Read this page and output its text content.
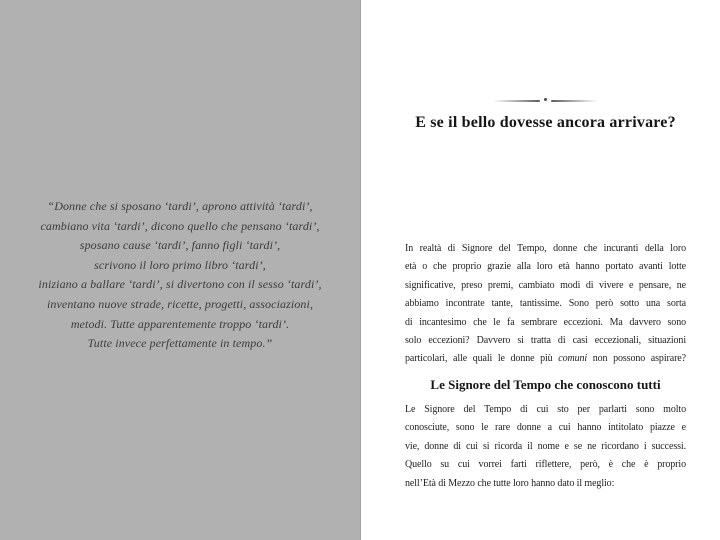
“Donne che si sposano ‘tardi’, aprono attività ‘tardi’,
cambiano vita ‘tardi’, dicono quello che pensano ‘tardi’,
sposano cause ‘tardi’, fanno figli ‘tardi’,
scrivono il loro primo libro ‘tardi’,
iniziano a ballare ‘tardi’, si divertono con il sesso ‘tardi’,
inventano nuove strade, ricette, progetti, associazioni,
metodi. Tutte apparentemente troppo ‘tardi’.
Tutte invece perfettamente in tempo.”
E se il bello dovesse ancora arrivare?
In realtà di Signore del Tempo, donne che incuranti della loro
età o che proprio grazie alla loro età hanno portato avanti lotte
significative, preso premi, cambiato modi di vivere e pensare, ne
abbiamo incontrate tante, tantissime. Sono però sotto una sorta
di incantesimo che le fa sembrare eccezioni. Ma davvero sono
solo eccezioni? Davvero si tratta di casi eccezionali, situazioni
particolari, alle quali le donne più comuni non possono aspirare?
Le Signore del Tempo che conoscono tutti
Le Signore del Tempo di cui sto per parlarti sono molto
conosciute, sono le rare donne a cui hanno intitolato piazze e
vie, donne di cui si ricorda il nome e se ne ricordano i successi.
Quello su cui vorrei farti riflettere, però, è che è proprio
nell’Età di Mezzo che tutte loro hanno dato il meglio:
